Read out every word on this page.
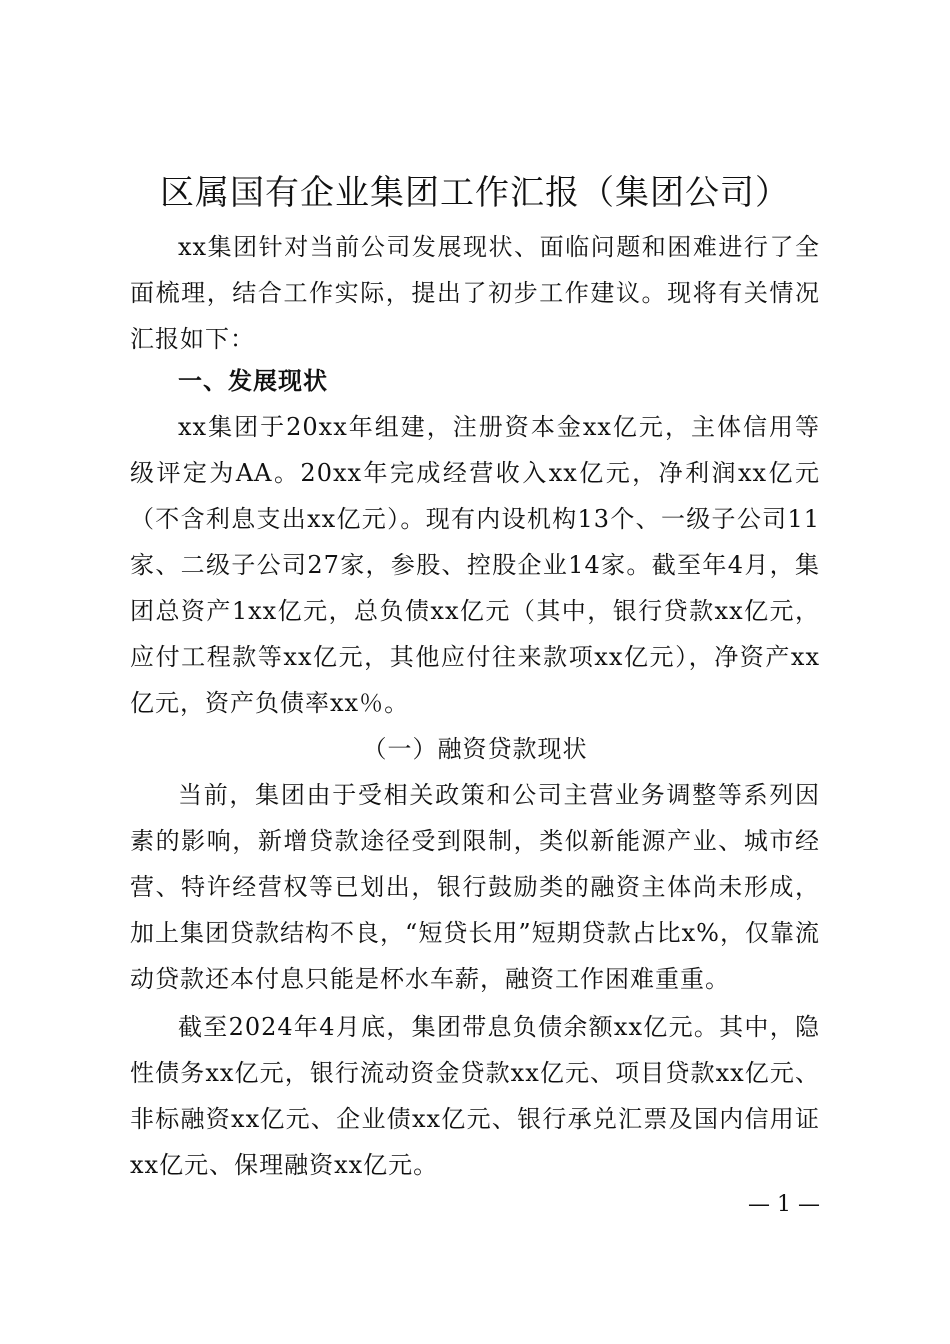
区属国有企业集团工作汇报（集团公司）
xx集团针对当前公司发展现状、面临问题和困难进行了全面梳理，结合工作实际，提出了初步工作建议。现将有关情况汇报如下：
一、发展现状
xx集团于20xx年组建，注册资本金xx亿元，主体信用等级评定为AA。20xx年完成经营收入xx亿元，净利润xx亿元（不含利息支出xx亿元）。现有内设机构13个、一级子公司11家、二级子公司27家，参股、控股企业14家。截至年4月，集团总资产1xx亿元，总负债xx亿元（其中，银行贷款xx亿元，应付工程款等xx亿元，其他应付往来款项xx亿元），净资产xx亿元，资产负债率xx％。
（一）融资贷款现状
当前，集团由于受相关政策和公司主营业务调整等系列因素的影响，新增贷款途径受到限制，类似新能源产业、城市经营、特许经营权等已划出，银行鼓励类的融资主体尚未形成，加上集团贷款结构不良，“短贷长用”短期贷款占比x%，仅靠流动贷款还本付息只能是杯水车薪，融资工作困难重重。
截至2024年4月底，集团带息负债余额xx亿元。其中，隐性债务xx亿元，银行流动资金贷款xx亿元、项目贷款xx亿元、非标融资xx亿元、企业债xx亿元、银行承兑汇票及国内信用证xx亿元、保理融资xx亿元。
— 1 —
